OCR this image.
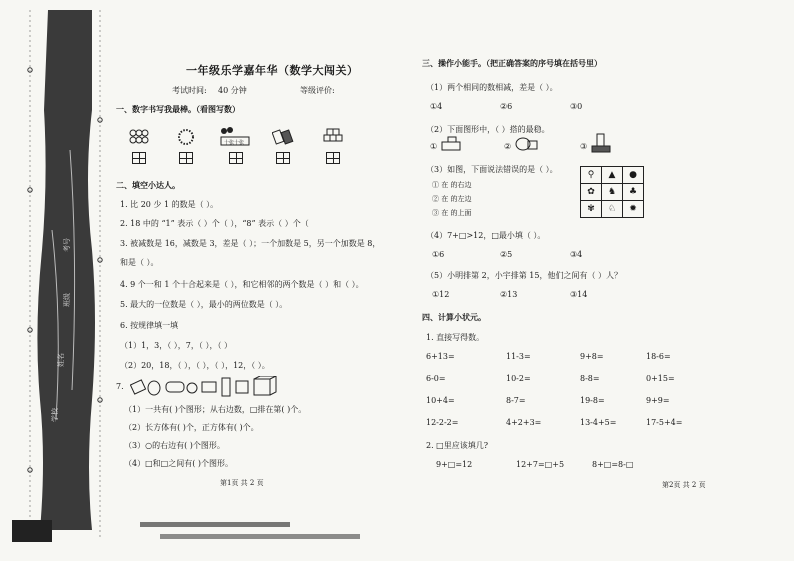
学校
班级
姓名
考号
一年级乐学嘉年华（数学大闯关）
考试时间: 40 分钟	等级评价:
一、数字书写我最棒。（看图写数）
十张十张
二、填空小达人。
1. 比 20 少 1 的数是（ ）。
2. 18 中的 “1” 表示（ ）个（ ），“8” 表示（ ）个（
3. 被减数是 16，减数是 3，差是（ ）；一个加数是 5，另一个加数是 8，
和是（ ）。
4. 9 个一和 1 个十合起来是（ ），和它相邻的两个数是（ ）和（ ）。
5. 最大的一位数是（ ），最小的两位数是（ ）。
6. 按规律填一填
（1）1，3，（ ），7，（ ），（ ）
（2）20，18，（ ），（ ），（ ），12，（ ）。
7.
（1）一共有( )个图形；从右边数，□排在第( )个。
（2）长方体有( )个，正方体有( )个。
（3）○的右边有( )个图形。
（4）□和□之间有( )个图形。
第1页 共 2 页
三、操作小能手。（把正确答案的序号填在括号里）
（1）两个相同的数相减，差是（ ）。
①4	②6	③0
（2）下面图形中，（ ）搭的最稳。
①	②	③
（3）如图，下面说法错误的是（ ）。
① 在 的右边
② 在 的左边
③ 在 的上面
⚲	▲	●
✿	♞	♣
✾	♘	✹
（4）7+□>12，□最小填（ ）。
①6	②5	③4
（5）小明排第 2，小宇排第 15，他们之间有（ ）人？
①12	②13	③14
四、计算小状元。
1. 直接写得数。
6+13=	11-3=	9+8=	18-6=
6-0=	10-2=	8-8=	0+15=
10+4=	8-7=	19-8=	9+9=
12-2-2=	4+2+3=	13-4+5=	17-5+4=
2. □里应该填几?
9+□=12	12+7=□+5	8+□=8-□
第2页 共 2 页
